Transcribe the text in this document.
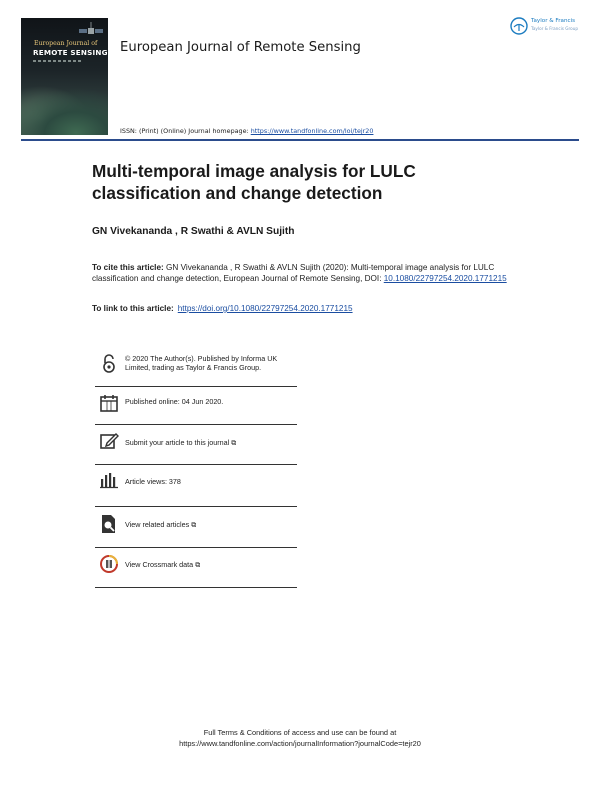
European Journal of
REMOTE SENSING European Journal of Remote Sensing
ISSN: (Print) (Online) Journal homepage: https://www.tandfonline.com/loi/tejr20
Taylor & Francis
Taylor & Francis Group
Multi-temporal image analysis for LULC classification and change detection
GN Vivekananda , R Swathi & AVLN Sujith
To cite this article: GN Vivekananda , R Swathi & AVLN Sujith (2020): Multi-temporal image analysis for LULC classification and change detection, European Journal of Remote Sensing, DOI: 10.1080/22797254.2020.1771215
To link to this article: https://doi.org/10.1080/22797254.2020.1771215
© 2020 The Author(s). Published by Informa UK Limited, trading as Taylor & Francis Group.
Published online: 04 Jun 2020.
Submit your article to this journal ⧉
Article views: 378
View related articles ⧉
View Crossmark data ⧉
Full Terms & Conditions of access and use can be found at
https://www.tandfonline.com/action/journalInformation?journalCode=tejr20
